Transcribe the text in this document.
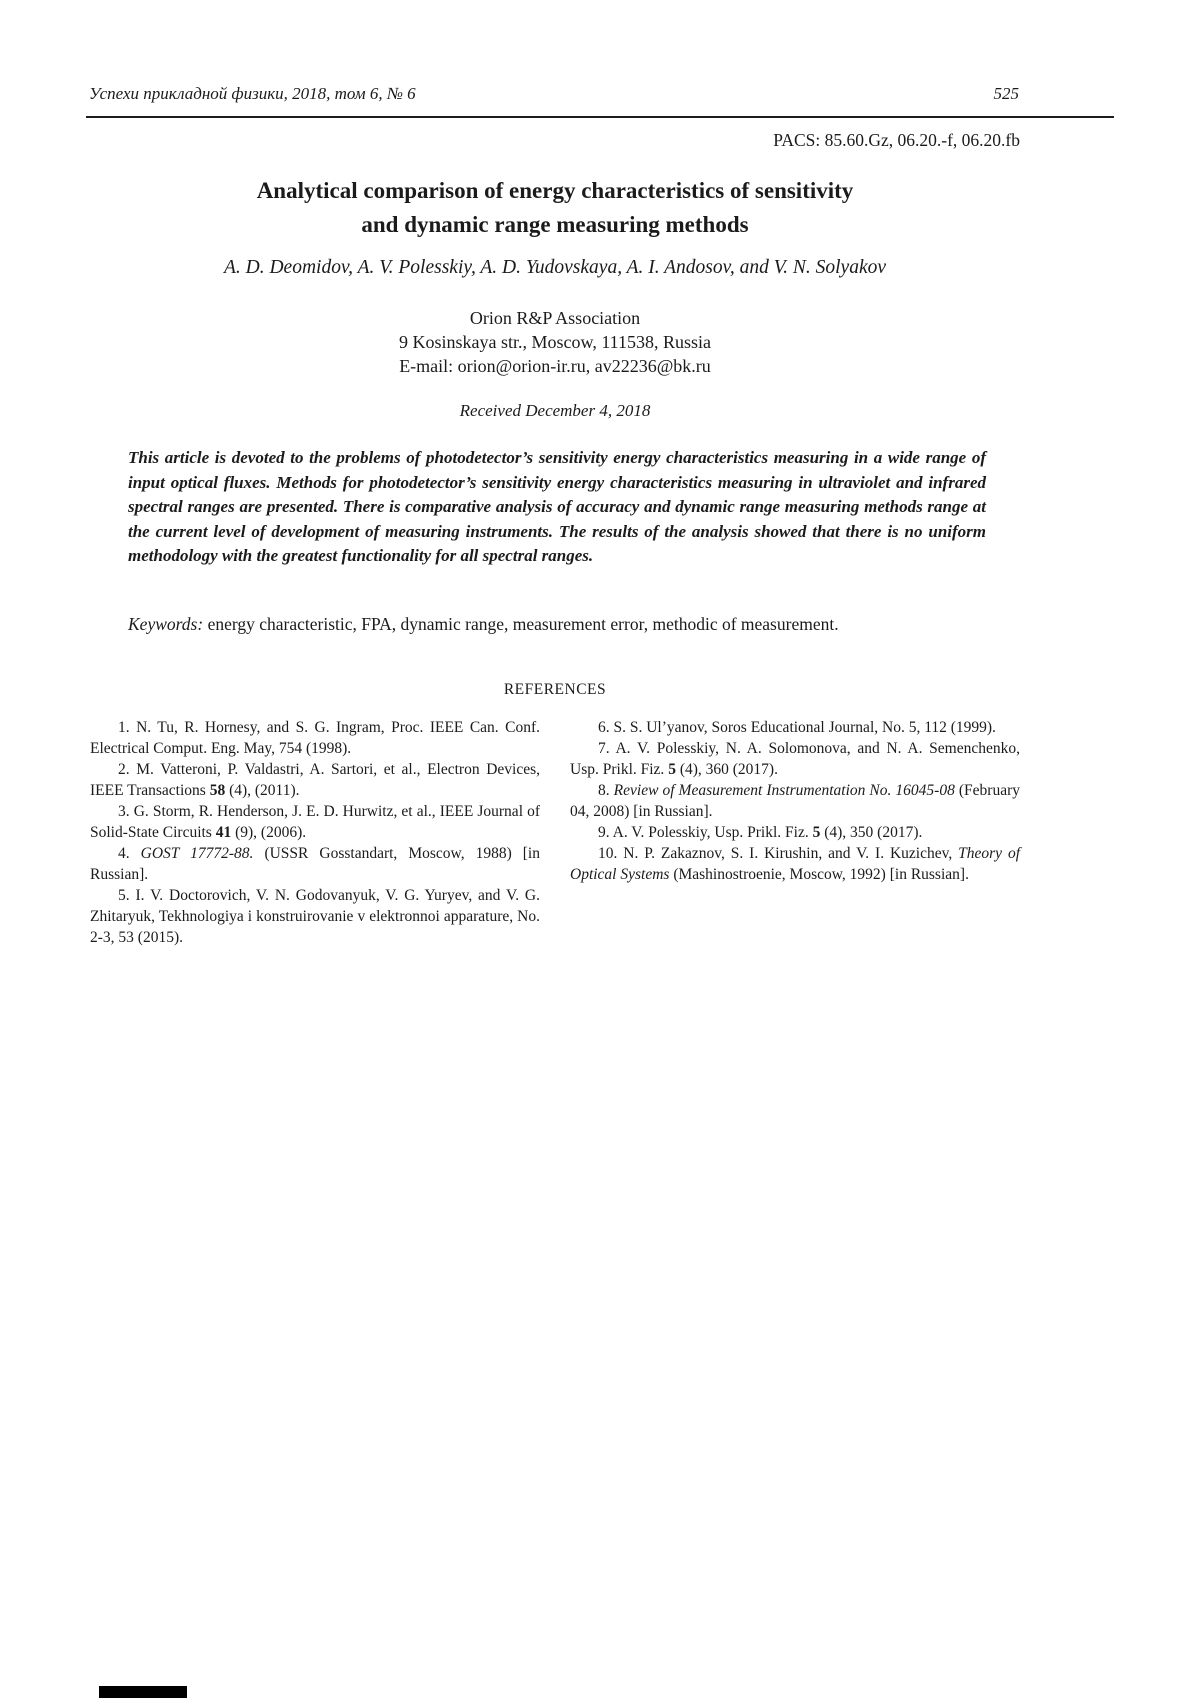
Успехи прикладной физики, 2018, том 6, № 6	525
PACS: 85.60.Gz, 06.20.-f, 06.20.fb
Analytical comparison of energy characteristics of sensitivity
and dynamic range measuring methods
A. D. Deomidov, A. V. Polesskiy, A. D. Yudovskaya, A. I. Andosov, and V. N. Solyakov

Orion R&P Association

9 Kosinskaya str., Moscow, 111538, Russia

E-mail: orion@orion-ir.ru, av22236@bk.ru

Received December 4, 2018
This article is devoted to the problems of photodetector’s sensitivity energy characteristics measuring in a wide range of input optical fluxes. Methods for photodetector’s sensitivity energy characteristics measuring in ultraviolet and infrared spectral ranges are presented. There is comparative analysis of accuracy and dynamic range measuring methods range at the current level of development of measuring instruments. The results of the analysis showed that there is no uniform methodology with the greatest functionality for all spectral ranges.

Keywords: energy characteristic, FPA, dynamic range, measurement error, methodic of measurement.

REFERENCES

1. N. Tu, R. Hornesy, and S. G. Ingram, Proc. IEEE Can. Conf. Electrical Comput. Eng. May, 754 (1998).

2. M. Vatteroni, P. Valdastri, A. Sartori, et al., Electron Devices, IEEE Transactions 58 (4), (2011).

3. G. Storm, R. Henderson, J. E. D. Hurwitz, et al., IEEE Journal of Solid-State Circuits 41 (9), (2006).

4. GOST 17772-88. (USSR Gosstandart, Moscow, 1988) [in Russian].

5. I. V. Doctorovich, V. N. Godovanyuk, V. G. Yuryev, and V. G. Zhitaryuk, Tekhnologiya i konstruirovanie v elektronnoi apparature, No. 2-3, 53 (2015).

6. S. S. Ul’yanov, Soros Educational Journal, No. 5, 112 (1999).

7. A. V. Polesskiy, N. A. Solomonova, and N. A. Semenchenko, Usp. Prikl. Fiz. 5 (4), 360 (2017).

8. Review of Measurement Instrumentation No. 16045-08 (February 04, 2008) [in Russian].

9. A. V. Polesskiy, Usp. Prikl. Fiz. 5 (4), 350 (2017).

10. N. P. Zakaznov, S. I. Kirushin, and V. I. Kuzichev, Theory of Optical Systems (Mashinostroenie, Moscow, 1992) [in Russian].
